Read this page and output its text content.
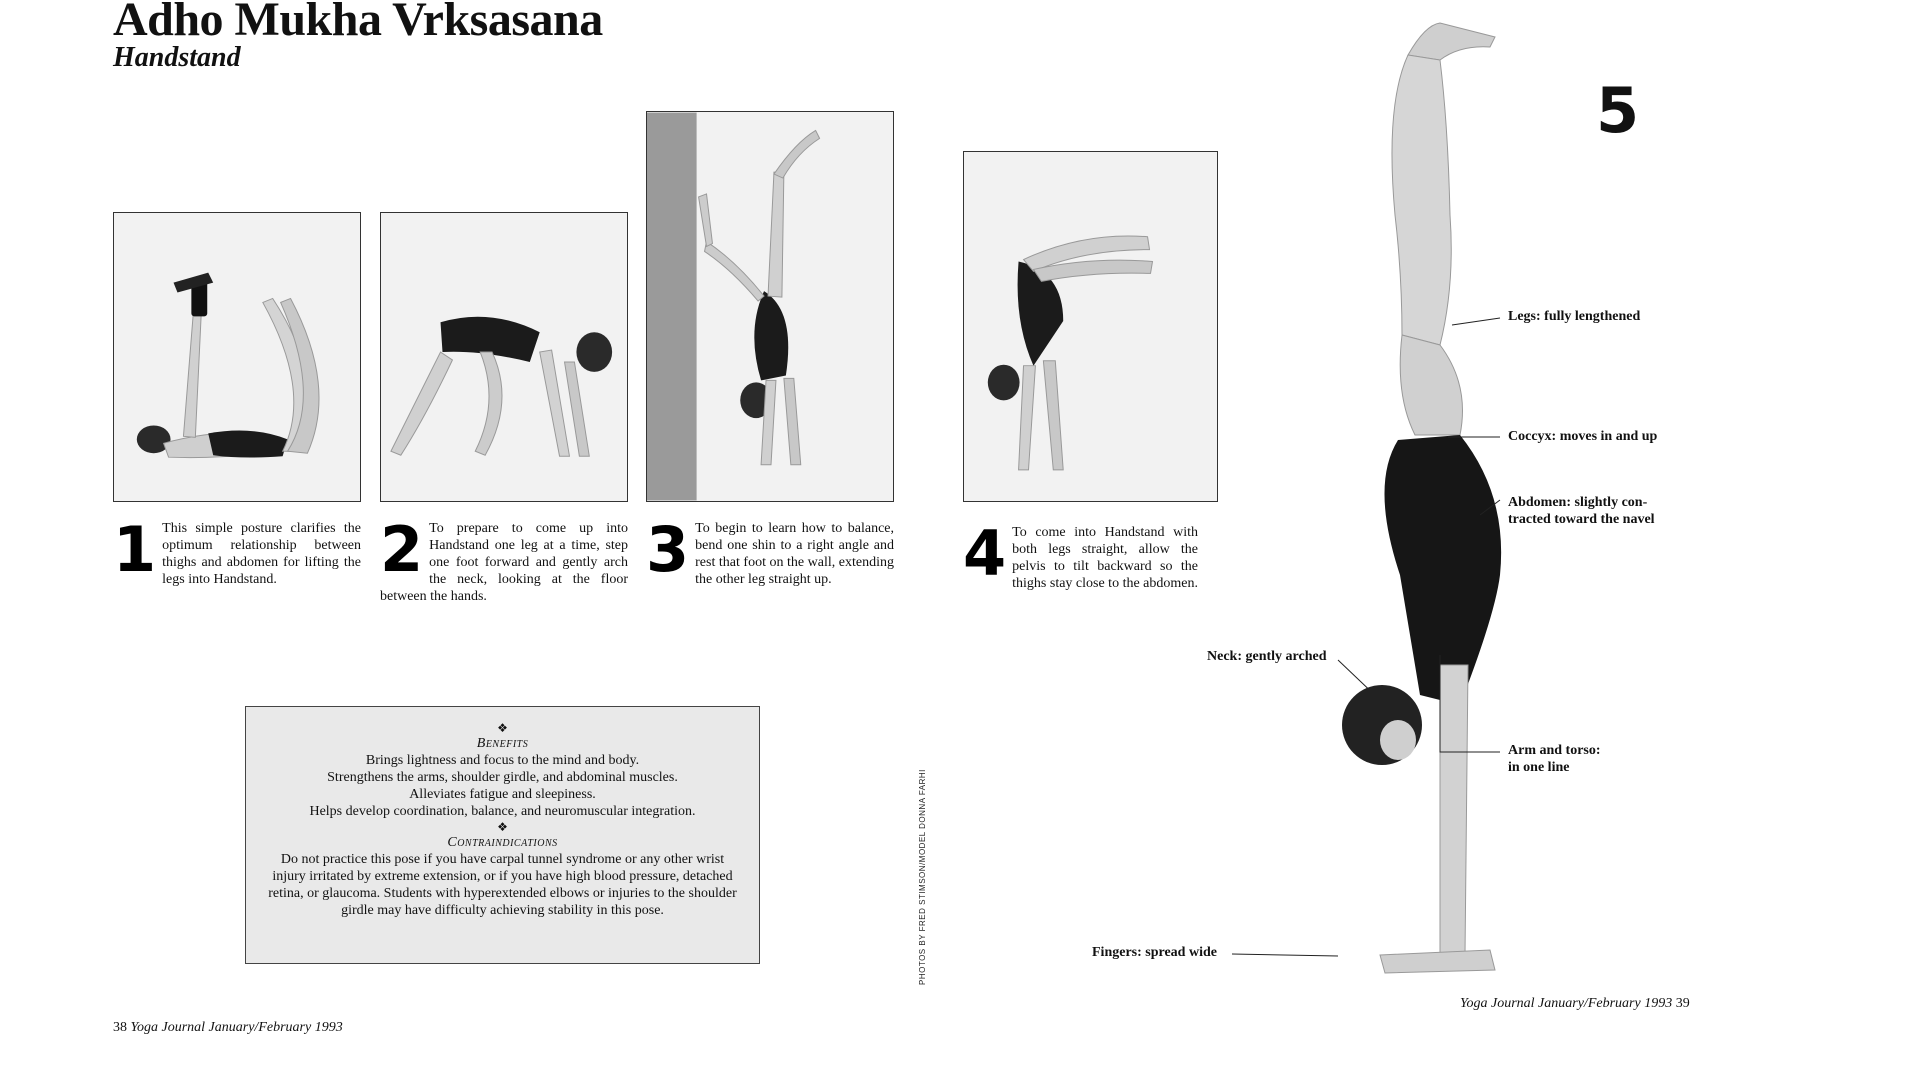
Adho Mukha Vrksasana
Handstand
1 This simple posture clarifies the optimum relationship between thighs and abdomen for lifting the legs into Handstand.	2 To prepare to come up into Handstand one leg at a time, step one foot forward and gently arch the neck, looking at the floor between the hands.
3 To begin to learn how to balance, bend one shin to a right angle and rest that foot on the wall, extending the other leg straight up.	4 To come into Handstand with both legs straight, allow the pelvis to tilt backward so the thighs stay close to the abdomen.
❖
Benefits
Brings lightness and focus to the mind and body.
Strengthens the arms, shoulder girdle, and abdominal muscles.
Alleviates fatigue and sleepiness.
Helps develop coordination, balance, and neuromuscular integration.
❖
Contraindications
Do not practice this pose if you have carpal tunnel syndrome or any other wrist injury irritated by extreme extension, or if you have high blood pressure, detached retina, or glaucoma. Students with hyperextended elbows or injuries to the shoulder girdle may have difficulty achieving stability in this pose.	PHOTOS BY FRED STIMSON/MODEL DONNA FARHI
38 Yoga Journal January/February 1993
Yoga Journal January/February 1993 39
5
Legs: fully lengthened
Coccyx: moves in and up
Abdomen: slightly con-
tracted toward the navel
Neck: gently arched
Arm and torso:
in one line
Fingers: spread wide
